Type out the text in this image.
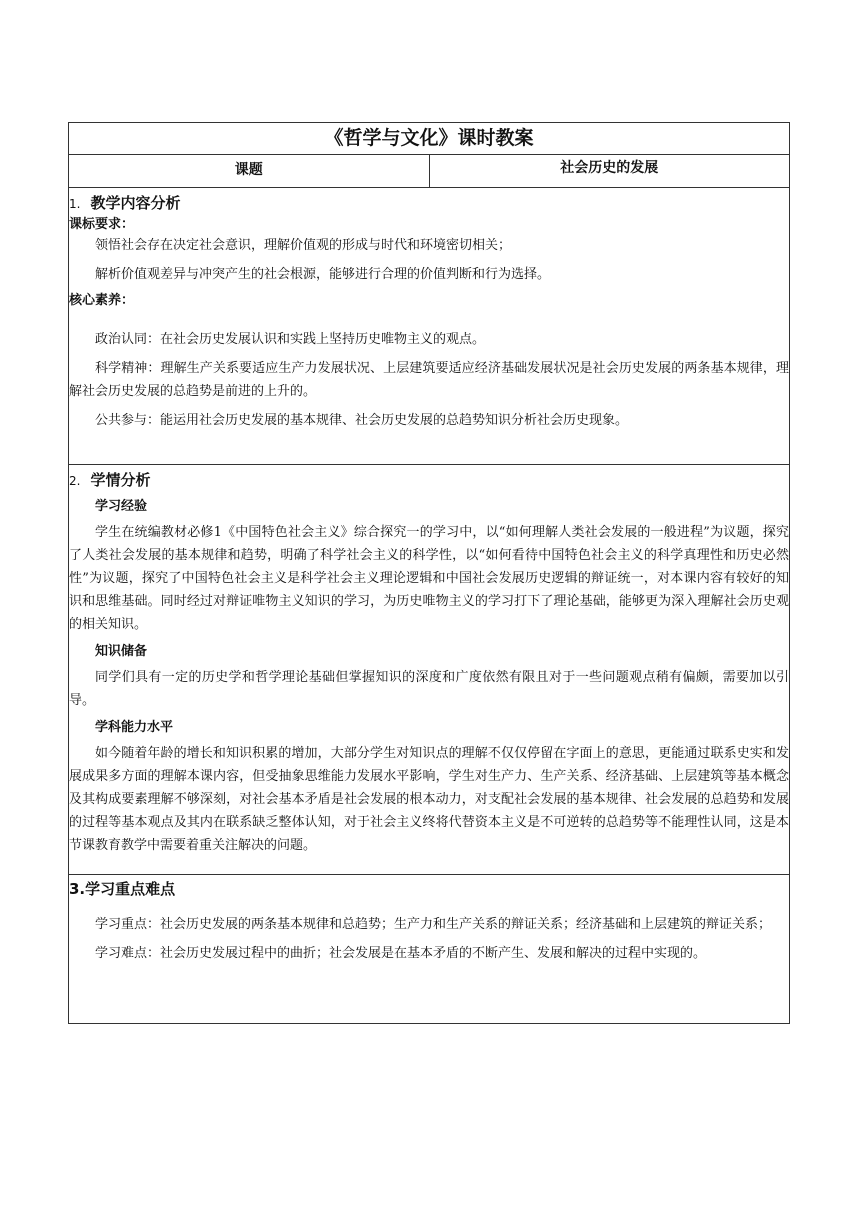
《哲学与文化》课时教案
课题	社会历史的发展

1. 教学内容分析

课标要求：

领悟社会存在决定社会意识，理解价值观的形成与时代和环境密切相关；

解析价值观差异与冲突产生的社会根源，能够进行合理的价值判断和行为选择。

核心素养：

政治认同：在社会历史发展认识和实践上坚持历史唯物主义的观点。

科学精神：理解生产关系要适应生产力发展状况、上层建筑要适应经济基础发展状况是社会历史发展的两条基本规律，理解社会历史发展的总趋势是前进的上升的。

公共参与：能运用社会历史发展的基本规律、社会历史发展的总趋势知识分析社会历史现象。

2. 学情分析
学习经验

学生在统编教材必修1《中国特色社会主义》综合探究一的学习中，以“如何理解人类社会发展的一般进程”为议题，探究了人类社会发展的基本规律和趋势，明确了科学社会主义的科学性，以“如何看待中国特色社会主义的科学真理性和历史必然性”为议题，探究了中国特色社会主义是科学社会主义理论逻辑和中国社会发展历史逻辑的辩证统一，对本课内容有较好的知识和思维基础。同时经过对辩证唯物主义知识的学习，为历史唯物主义的学习打下了理论基础，能够更为深入理解社会历史观的相关知识。

知识储备

同学们具有一定的历史学和哲学理论基础但掌握知识的深度和广度依然有限且对于一些问题观点稍有偏颇，需要加以引导。

学科能力水平

如今随着年龄的增长和知识积累的增加，大部分学生对知识点的理解不仅仅停留在字面上的意思，更能通过联系史实和发展成果多方面的理解本课内容，但受抽象思维能力发展水平影响，学生对生产力、生产关系、经济基础、上层建筑等基本概念及其构成要素理解不够深刻，对社会基本矛盾是社会发展的根本动力，对支配社会发展的基本规律、社会发展的总趋势和发展的过程等基本观点及其内在联系缺乏整体认知，对于社会主义终将代替资本主义是不可逆转的总趋势等不能理性认同，这是本节课教育教学中需要着重关注解决的问题。

3.学习重点难点

学习重点：社会历史发展的两条基本规律和总趋势；生产力和生产关系的辩证关系；经济基础和上层建筑的辩证关系；

学习难点：社会历史发展过程中的曲折；社会发展是在基本矛盾的不断产生、发展和解决的过程中实现的。
